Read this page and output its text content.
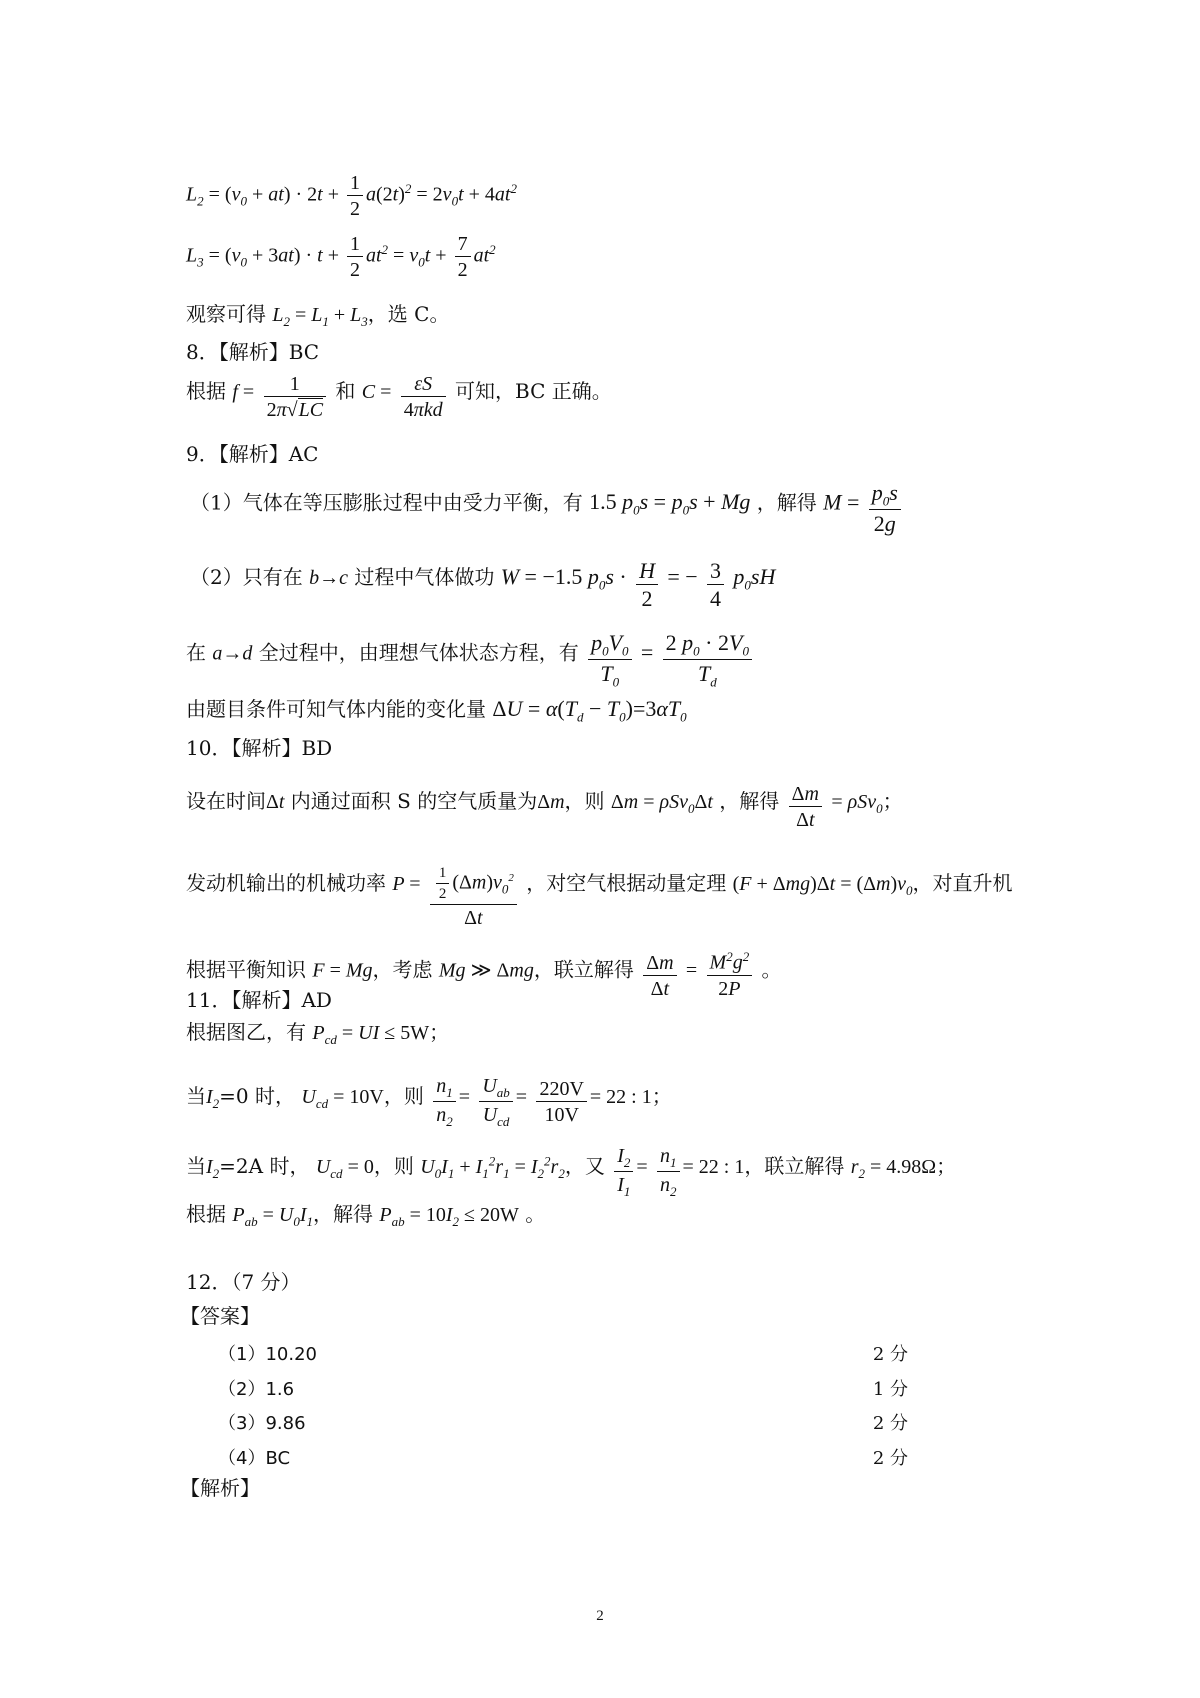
$L_2 = (v_0 + at) \cdot 2t + \frac{1}{2} a(2t)^2 = 2v_0t + 4at^2$
$L_3 = (v_0 + 3at) \cdot t + \frac{1}{2} at^2 = v_0t + \frac{7}{2} at^2$
观察可得 $L_2 = L_1 + L_3$，选 C。
8．【解析】BC
根据 $f = \frac{1}{2\pi√LC}$ 和 $C = \frac{\varepsilon S}{\text{4πkd}}$ 可知，BC 正确。
9．【解析】AC
（1）气体在等压膨胀过程中由受力平衡，有 1.5 $p_0s = p_0s + Mg$ ，解得 $M = \frac{p_0s}{2g}$
（2）只有在 b→c 过程中气体做功 W = −1.5 $p_0s \cdot \frac{H}{2}$ = − $\frac{3}{4} p_0sH$
在 a→d 全过程中，由理想气体状态方程，有 $\frac{p_0V_0}{T_0} = \frac{2 p_0 \cdot 2V_0}{T_d}$
由题目条件可知气体内能的变化量 $\Delta U = \alpha(T_d - T_0)=3\alpha T_0$
10．【解析】BD
设在时间Δt 内通过面积 S 的空气质量为Δm，则 Δm = ρSv$_0$Δt ，解得 $\frac{\Delta m}{\Delta t} = \rho Sv_0$；
发动机输出的机械功率 $P = \frac{\frac{1}{2} (\Delta m)v_0^2}{\Delta t}$ ，对空气根据动量定理 $(F + \Delta mg)\Delta t = (\Delta m)v_0$，对直升机
根据平衡知识 F = Mg，考虑 Mg ≫ Δmg，联立解得 $\frac{\Delta m}{\Delta t} = \frac{M^2g^2}{2P}$ 。
11．【解析】AD
根据图乙，有 $P_{cd}$ = UI ≤ 5W；
当$I_2=0$ 时， $U_{cd} = 10V$，则 $\frac{n_1}{n_2} = \frac{U_{ab}}{U_{cd}} = \frac{220V}{10V} = 22$ : 1；
当$I_2=2A$ 时， $U_{cd} = 0$，则 $U_0I_1 + I_1^2r_1 = I_2^2r_2$，又 $\frac{I_2}{I_1} = \frac{n_1}{n_2} = 22$ : 1，联立解得 $r_2 = 4.98\Omega$；
根据 $P_{ab} = U_0I_1$，解得 $P_{ab} = 10I_2 \le 20W$ 。
12．（7 分）
【答案】
（1）10.20	2 分
（2）1.6	1 分
（3）9.86	2 分
（4）BC	2 分
【解析】
2
